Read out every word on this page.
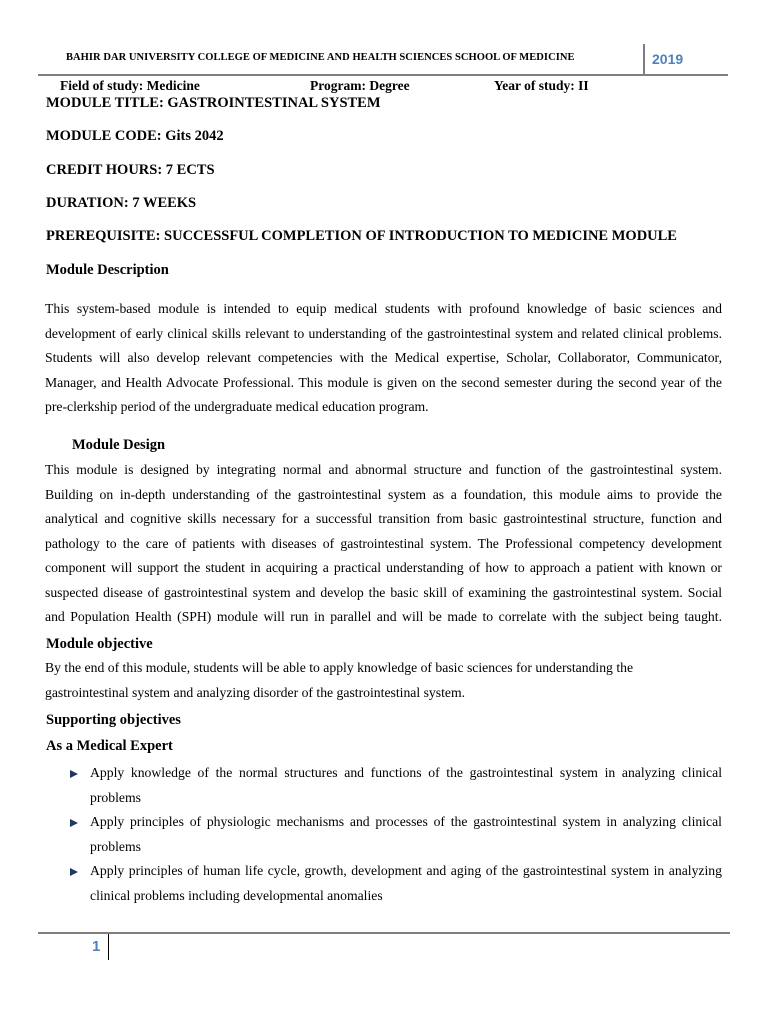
BAHIR DAR UNIVERSITY COLLEGE OF MEDICINE AND HEALTH SCIENCES SCHOOL OF MEDICINE	2019
Field of study: Medicine	Program: Degree	Year of study: II
MODULE TITLE: GASTROINTESTINAL SYSTEM
MODULE CODE: Gits 2042
CREDIT HOURS: 7 ECTS
DURATION: 7 WEEKS
PREREQUISITE: SUCCESSFUL COMPLETION OF INTRODUCTION TO MEDICINE MODULE
Module Description
This system-based module is intended to equip medical students with profound knowledge of basic sciences and
development of early clinical skills relevant to understanding of the gastrointestinal system and related clinical problems.
Students will also develop relevant competencies with the Medical expertise, Scholar, Collaborator, Communicator,
Manager, and Health Advocate Professional. This module is given on the second semester during the second year of the
pre-clerkship period of the undergraduate medical education program.
Module Design
This module is designed by integrating normal and abnormal structure and function of the gastrointestinal system.
Building on in-depth understanding of the gastrointestinal system as a foundation, this module aims to provide the
analytical and cognitive skills necessary for a successful transition from basic gastrointestinal structure, function and
pathology to the care of patients with diseases of gastrointestinal system. The Professional competency development
component will support the student in acquiring a practical understanding of how to approach a patient with known or
suspected disease of gastrointestinal system and develop the basic skill of examining the gastrointestinal system. Social
and Population Health (SPH) module will run in parallel and will be made to correlate with the subject being taught.
Module objective
By the end of this module, students will be able to apply knowledge of basic sciences for understanding the
gastrointestinal system and analyzing disorder of the gastrointestinal system.
Supporting objectives
As a Medical Expert
Apply knowledge of the normal structures and functions of the gastrointestinal system in analyzing clinical
problems
Apply principles of physiologic mechanisms and processes of the gastrointestinal system in analyzing clinical
problems
Apply principles of human life cycle, growth, development and aging of the gastrointestinal system in analyzing
clinical problems including developmental anomalies
1
